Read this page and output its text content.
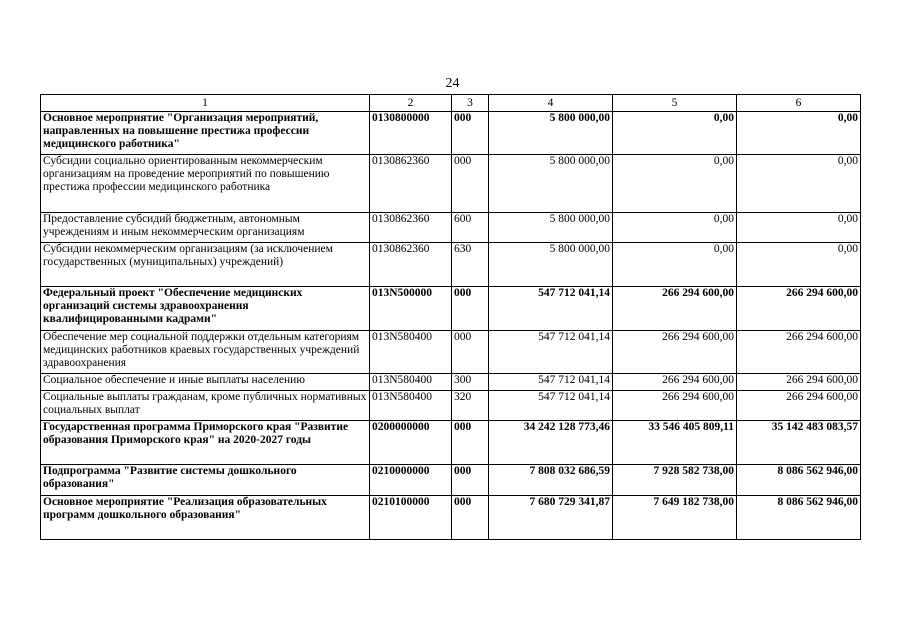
24
1	2	3	4	5	6
Основное мероприятие "Организация мероприятий, направленных на повышение престижа профессии медицинского работника"	0130800000	000	5 800 000,00	0,00	0,00
Субсидии социально ориентированным некоммерческим организациям на проведение мероприятий по повышению престижа профессии медицинского работника	0130862360	000	5 800 000,00	0,00	0,00
Предоставление субсидий бюджетным, автономным учреждениям и иным некоммерческим организациям	0130862360	600	5 800 000,00	0,00	0,00
Субсидии некоммерческим организациям (за исключением государственных (муниципальных) учреждений)	0130862360	630	5 800 000,00	0,00	0,00
Федеральный проект "Обеспечение медицинских организаций системы здравоохранения квалифицированными кадрами"	013N500000	000	547 712 041,14	266 294 600,00	266 294 600,00
Обеспечение мер социальной поддержки отдельным категориям медицинских работников краевых государственных учреждений здравоохранения	013N580400	000	547 712 041,14	266 294 600,00	266 294 600,00
Социальное обеспечение и иные выплаты населению	013N580400	300	547 712 041,14	266 294 600,00	266 294 600,00
Социальные выплаты гражданам, кроме публичных нормативных социальных выплат	013N580400	320	547 712 041,14	266 294 600,00	266 294 600,00
Государственная программа Приморского края "Развитие образования Приморского края" на 2020-2027 годы	0200000000	000	34 242 128 773,46	33 546 405 809,11	35 142 483 083,57
Подпрограмма "Развитие системы дошкольного образования"	0210000000	000	7 808 032 686,59	7 928 582 738,00	8 086 562 946,00
Основное мероприятие "Реализация образовательных программ дошкольного образования"	0210100000	000	7 680 729 341,87	7 649 182 738,00	8 086 562 946,00
